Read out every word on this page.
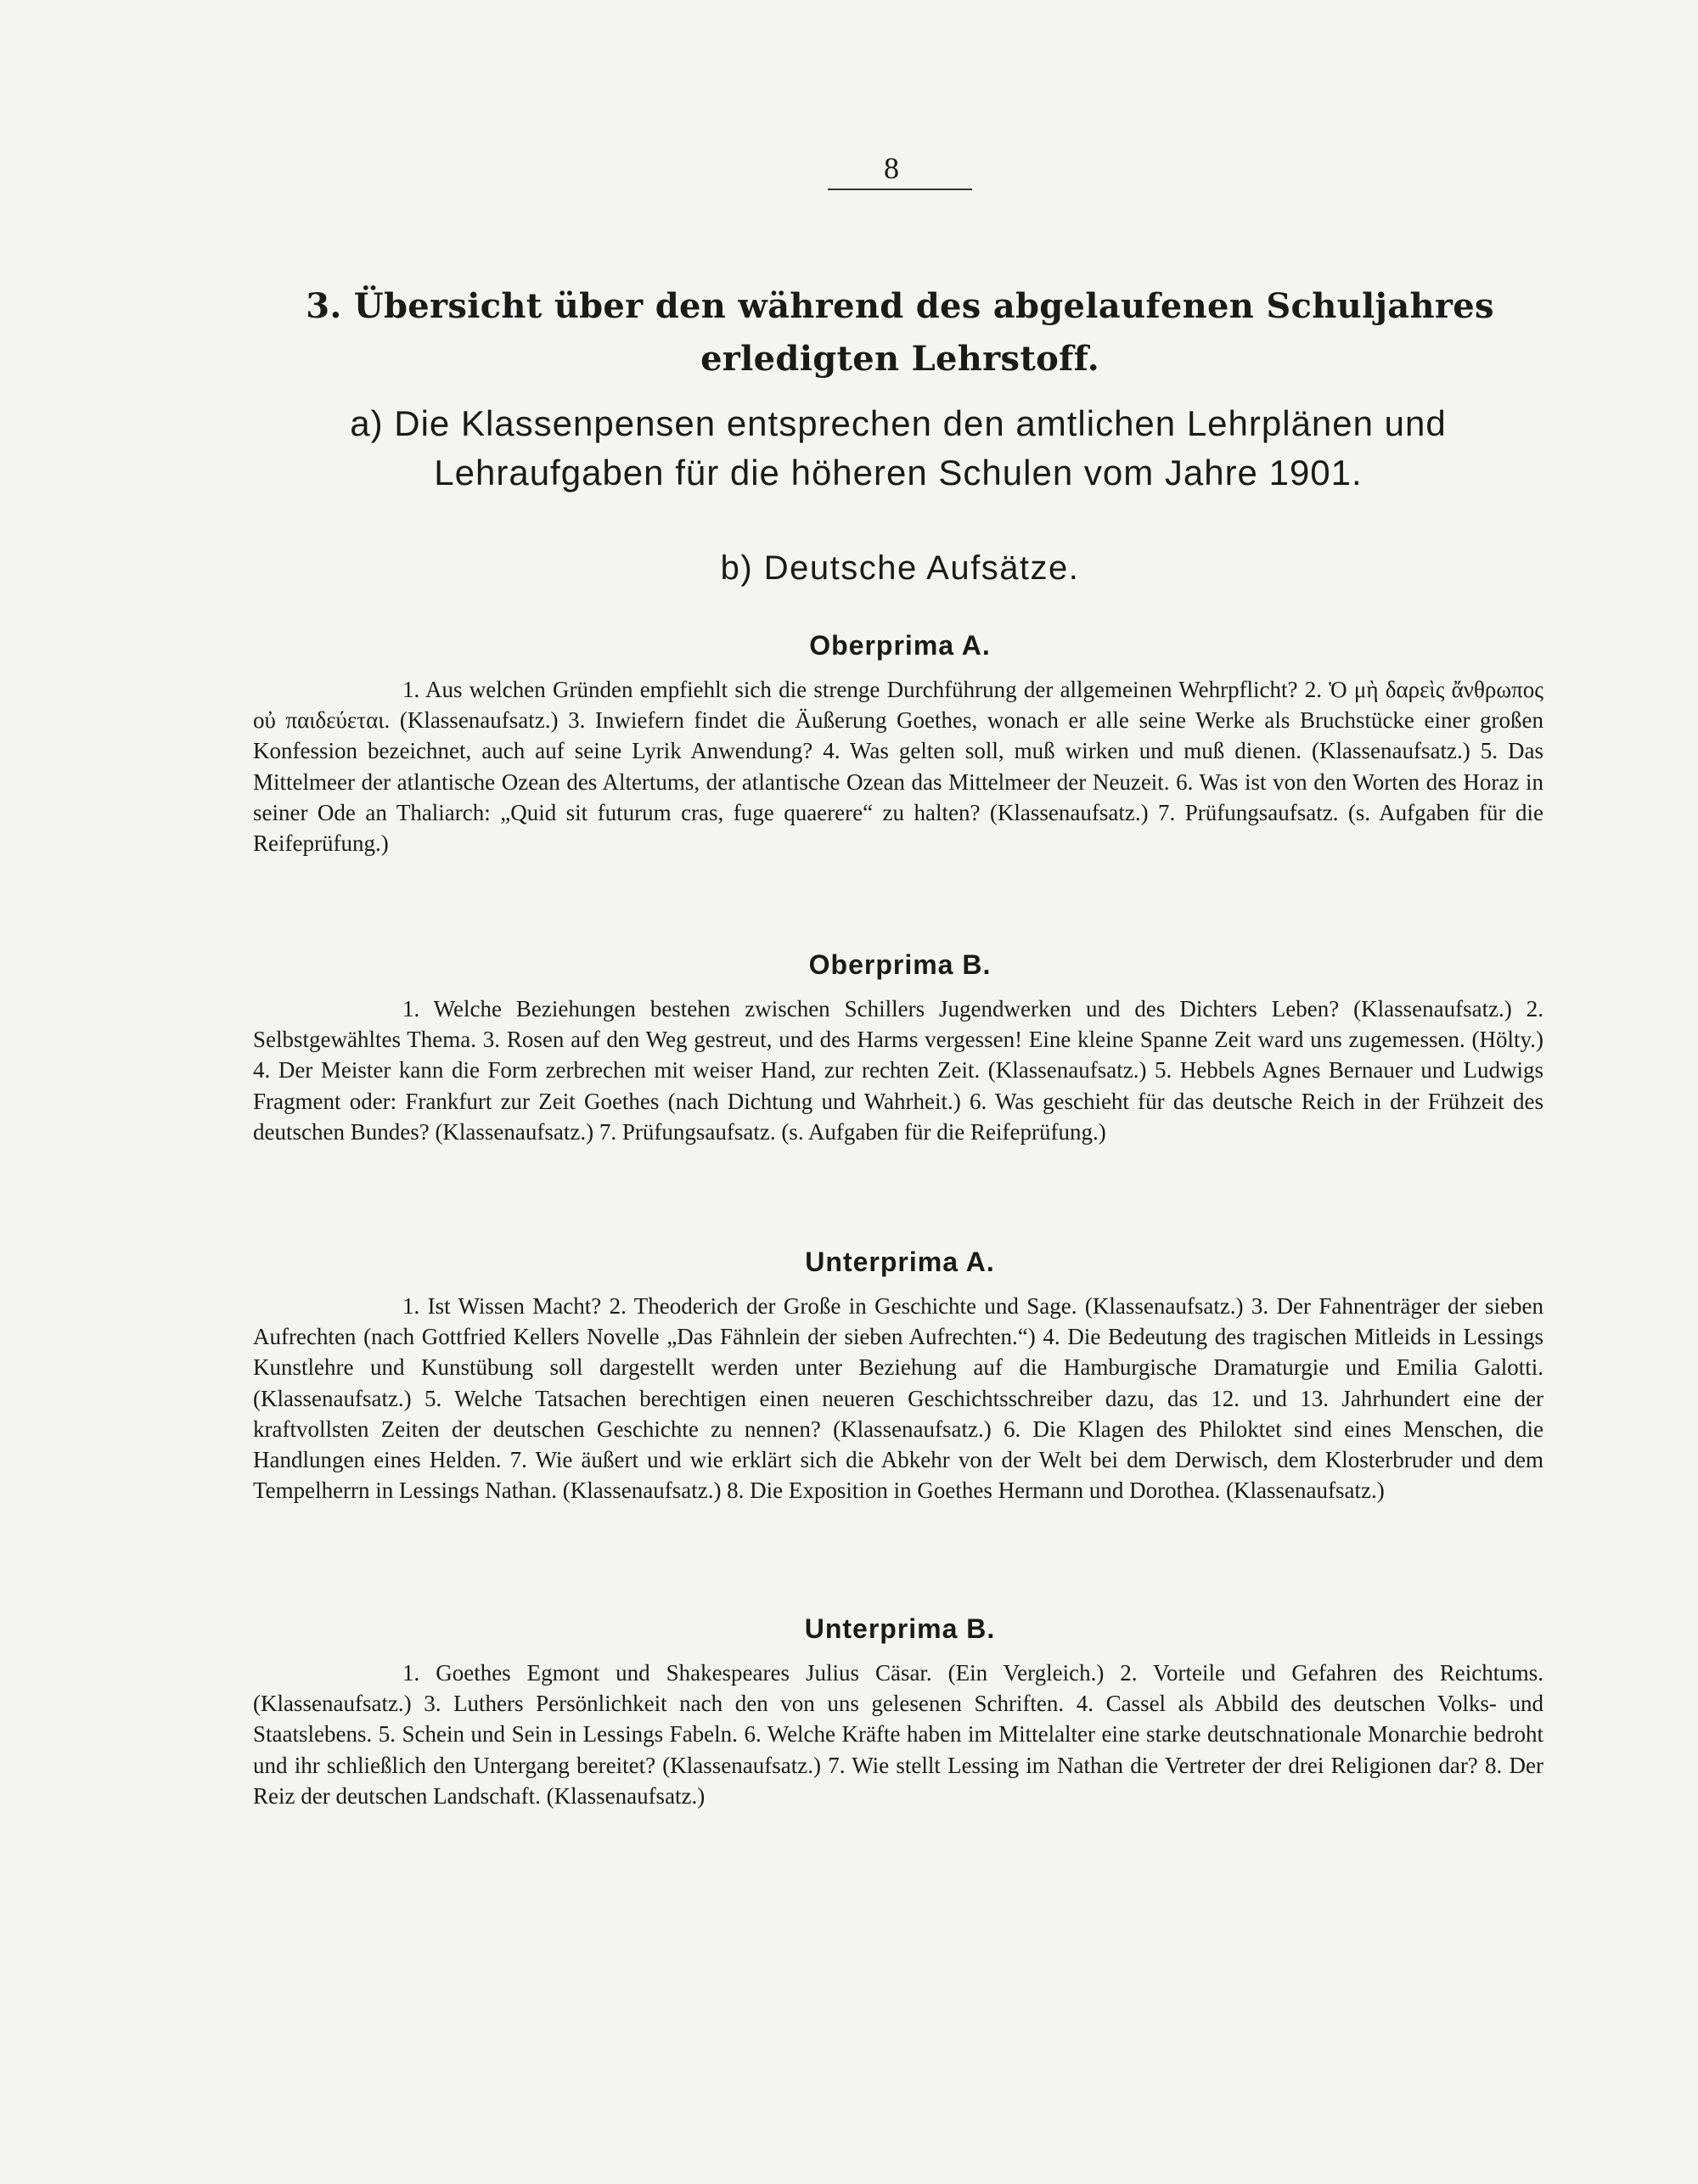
8
3. Übersicht über den während des abgelaufenen Schuljahres erledigten Lehrstoff.
a) Die Klassenpensen entsprechen den amtlichen Lehrplänen und Lehraufgaben für die höheren Schulen vom Jahre 1901.
b) Deutsche Aufsätze.
Oberprima A.

1. Aus welchen Gründen empfiehlt sich die strenge Durchführung der allgemeinen Wehrpflicht? 2. Ὁ μὴ δαρεὶς ἄνθρωπος οὐ παιδεύεται. (Klassenaufsatz.) 3. Inwiefern findet die Äußerung Goethes, wonach er alle seine Werke als Bruchstücke einer großen Konfession bezeichnet, auch auf seine Lyrik Anwendung? 4. Was gelten soll, muß wirken und muß dienen. (Klassenaufsatz.) 5. Das Mittelmeer der atlantische Ozean des Altertums, der atlantische Ozean das Mittelmeer der Neuzeit. 6. Was ist von den Worten des Horaz in seiner Ode an Thaliarch: „Quid sit futurum cras, fuge quaerere“ zu halten? (Klassenaufsatz.) 7. Prüfungsaufsatz. (s. Aufgaben für die Reifeprüfung.)

Oberprima B.

1. Welche Beziehungen bestehen zwischen Schillers Jugendwerken und des Dichters Leben? (Klassenaufsatz.) 2. Selbstgewähltes Thema. 3. Rosen auf den Weg gestreut, und des Harms vergessen! Eine kleine Spanne Zeit ward uns zugemessen. (Hölty.) 4. Der Meister kann die Form zerbrechen mit weiser Hand, zur rechten Zeit. (Klassenaufsatz.) 5. Hebbels Agnes Bernauer und Ludwigs Fragment oder: Frankfurt zur Zeit Goethes (nach Dichtung und Wahrheit.) 6. Was geschieht für das deutsche Reich in der Frühzeit des deutschen Bundes? (Klassenaufsatz.) 7. Prüfungsaufsatz. (s. Aufgaben für die Reifeprüfung.)

Unterprima A.

1. Ist Wissen Macht? 2. Theoderich der Große in Geschichte und Sage. (Klassenaufsatz.) 3. Der Fahnenträger der sieben Aufrechten (nach Gottfried Kellers Novelle „Das Fähnlein der sieben Aufrechten.“) 4. Die Bedeutung des tragischen Mitleids in Lessings Kunstlehre und Kunstübung soll dargestellt werden unter Beziehung auf die Hamburgische Dramaturgie und Emilia Galotti. (Klassenaufsatz.) 5. Welche Tatsachen berechtigen einen neueren Geschichtsschreiber dazu, das 12. und 13. Jahrhundert eine der kraftvollsten Zeiten der deutschen Geschichte zu nennen? (Klassenaufsatz.) 6. Die Klagen des Philoktet sind eines Menschen, die Handlungen eines Helden. 7. Wie äußert und wie erklärt sich die Abkehr von der Welt bei dem Derwisch, dem Klosterbruder und dem Tempelherrn in Lessings Nathan. (Klassenaufsatz.) 8. Die Exposition in Goethes Hermann und Dorothea. (Klassenaufsatz.)

Unterprima B.

1. Goethes Egmont und Shakespeares Julius Cäsar. (Ein Vergleich.) 2. Vorteile und Gefahren des Reichtums. (Klassenaufsatz.) 3. Luthers Persönlichkeit nach den von uns gelesenen Schriften. 4. Cassel als Abbild des deutschen Volks- und Staatslebens. 5. Schein und Sein in Lessings Fabeln. 6. Welche Kräfte haben im Mittelalter eine starke deutschnationale Monarchie bedroht und ihr schließlich den Untergang bereitet? (Klassenaufsatz.) 7. Wie stellt Lessing im Nathan die Vertreter der drei Religionen dar? 8. Der Reiz der deutschen Landschaft. (Klassenaufsatz.)
